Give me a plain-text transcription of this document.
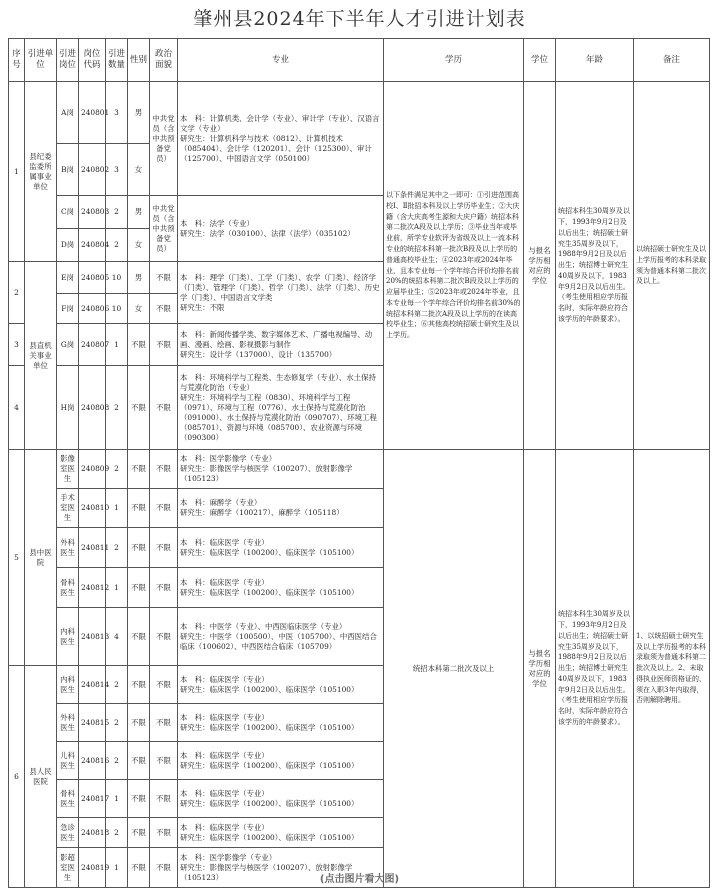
肇州县2024年下半年人才引进计划表
序号	引进单位	引进岗位	岗位代码	引进数量	性别	政治面貌	专业	学历	学位	年龄	备注
1	县纪委监委所属事业单位	A岗	240801	3	男	中共党员（含中共预备党员）	本　科：计算机类、会计学（专业）、审计学（专业）、汉语言文学（专业）
研究生：计算机科学与技术（0812）、计算机技术（085404）、会计学（120201）、会计（125300）、审计（125700）、中国语言文学（050100）	以下条件满足其中之一即可：①引进范围高校Ⅰ、Ⅱ批招本科及以上学历毕业生；②大庆籍（含大庆高考生源和大庆户籍）统招本科第二批次A段及以上学历；③毕业当年或毕业前，所学专业软评为省级及以上一流本科专业的统招本科第一批次B段及以上学历的普通高校毕业生；④2023年或2024年毕业，且本专业每一个学年综合评价均排名前20%的统招本科第二批次B段及以上学历的应届毕业生；⑤2023年或2024年毕业，且本专业每一个学年综合评价均排名前30%的统招本科第二批次A段及以上学历的在读高校毕业生；⑥其他高校统招硕士研究生及以上学历。	与报名学历相对应的学位	统招本科生30周岁及以下，1993年9月2日及以后出生；统招硕士研究生35周岁及以下，1988年9月2日及以后出生；统招博士研究生40周岁及以下，1983年9月2日及以后出生。（考生使用相应学历报名时，实际年龄应符合该学历的年龄要求）。	以统招硕士研究生及以上学历报考的本科录取须为普通本科第二批次及以上。
		B岗	240802	3	女						
		C岗	240803	2	男	中共党员（含中共预备党员）	本　科：法学（专业）
研究生：法学（030100）、法律（法学）（035102）				

		D岗	240804	2	女						
2	县直机关事业单位	E岗	240805	10	男	不限	本　科：理学（门类）、工学（门类）、农学（门类）、经济学（门类）、管理学（门类）、哲学（门类）、法学（门类）、历史学（门类）、中国语言文学类
研究生：不限				

		F岗	240806	10	女	不限					
3		G岗	240807	1	不限	不限	本　科：新闻传播学类、数字媒体艺术、广播电视编导、动画、漫画、绘画、影视摄影与制作
研究生：设计学（137000）、设计（135700）				

4		H岗	240808	2	不限	不限	本　科：环境科学与工程类、生态修复学（专业）、水土保持与荒漠化防治（专业）
研究生：环境科学与工程（0830）、环境科学与工程（0971）、环境与工程（0776）、水土保持与荒漠化防治（091000）、水土保持与荒漠化防治（090707）、环境工程（085701）、资源与环境（085700）、农业资源与环境（090300）				

5	县中医院	影像室医生	240809	2	不限	不限	本　科：医学影像学（专业）
研究生：影像医学与核医学（100207）、放射影像学（105123）	统招本科第二批次及以上	与报名学历相对应的学位	统招本科生30周岁及以下，1993年9月2日及以后出生；统招硕士研究生35周岁及以下，1988年9月2日及以后出生；统招博士研究生40周岁及以下，1983年9月2日及以后出生。（考生使用相应学历报名时，实际年龄应符合该学历的年龄要求）。	1、以统招硕士研究生及以上学历报考的本科录取须为普通本科第二批次及以上。2、未取得执业医师资格证的，须在入职3年内取得，否则解除聘用。
		手术室医生	240810	1	不限	不限	本　科：麻醉学（专业）
研究生：麻醉学（100217）、麻醉学（105118）				

		外科医生	240811	2	不限	不限	本　科：临床医学（专业）
研究生：临床医学（100200）、临床医学（105100）				

		骨科医生	240812	1	不限	不限	本　科：临床医学（专业）
研究生：临床医学（100200）、临床医学（105100）				

		内科医生	240813	4	不限	不限	本　科：中医学（专业）、中西医临床医学（专业）
研究生：中医学（100500）、中医（105700）、中西医结合临床（100602）、中西医结合临床（105709）				

6	县人民医院	内科医生	240814	2	不限	不限	本　科：临床医学（专业）
研究生：临床医学（100200）、临床医学（105100）				

		外科医生	240815	2	不限	不限	本　科：临床医学（专业）
研究生：临床医学（100200）、临床医学（105100）				

		儿科医生	240816	2	不限	不限	本　科：临床医学（专业）
研究生：临床医学（100200）、临床医学（105100）				

		骨科医生	240817	1	不限	不限	本　科：临床医学（专业）
研究生：临床医学（100200）、临床医学（105100）				

		急诊医生	240818	2	不限	不限	本　科：临床医学（专业）
研究生：临床医学（100200）、临床医学（105100）				

		影超室医生	240819	1	不限	不限	本　科：医学影像学（专业）
研究生：影像医学与核医学（100207）、放射影像学（105123）					(点击图片看大图)
